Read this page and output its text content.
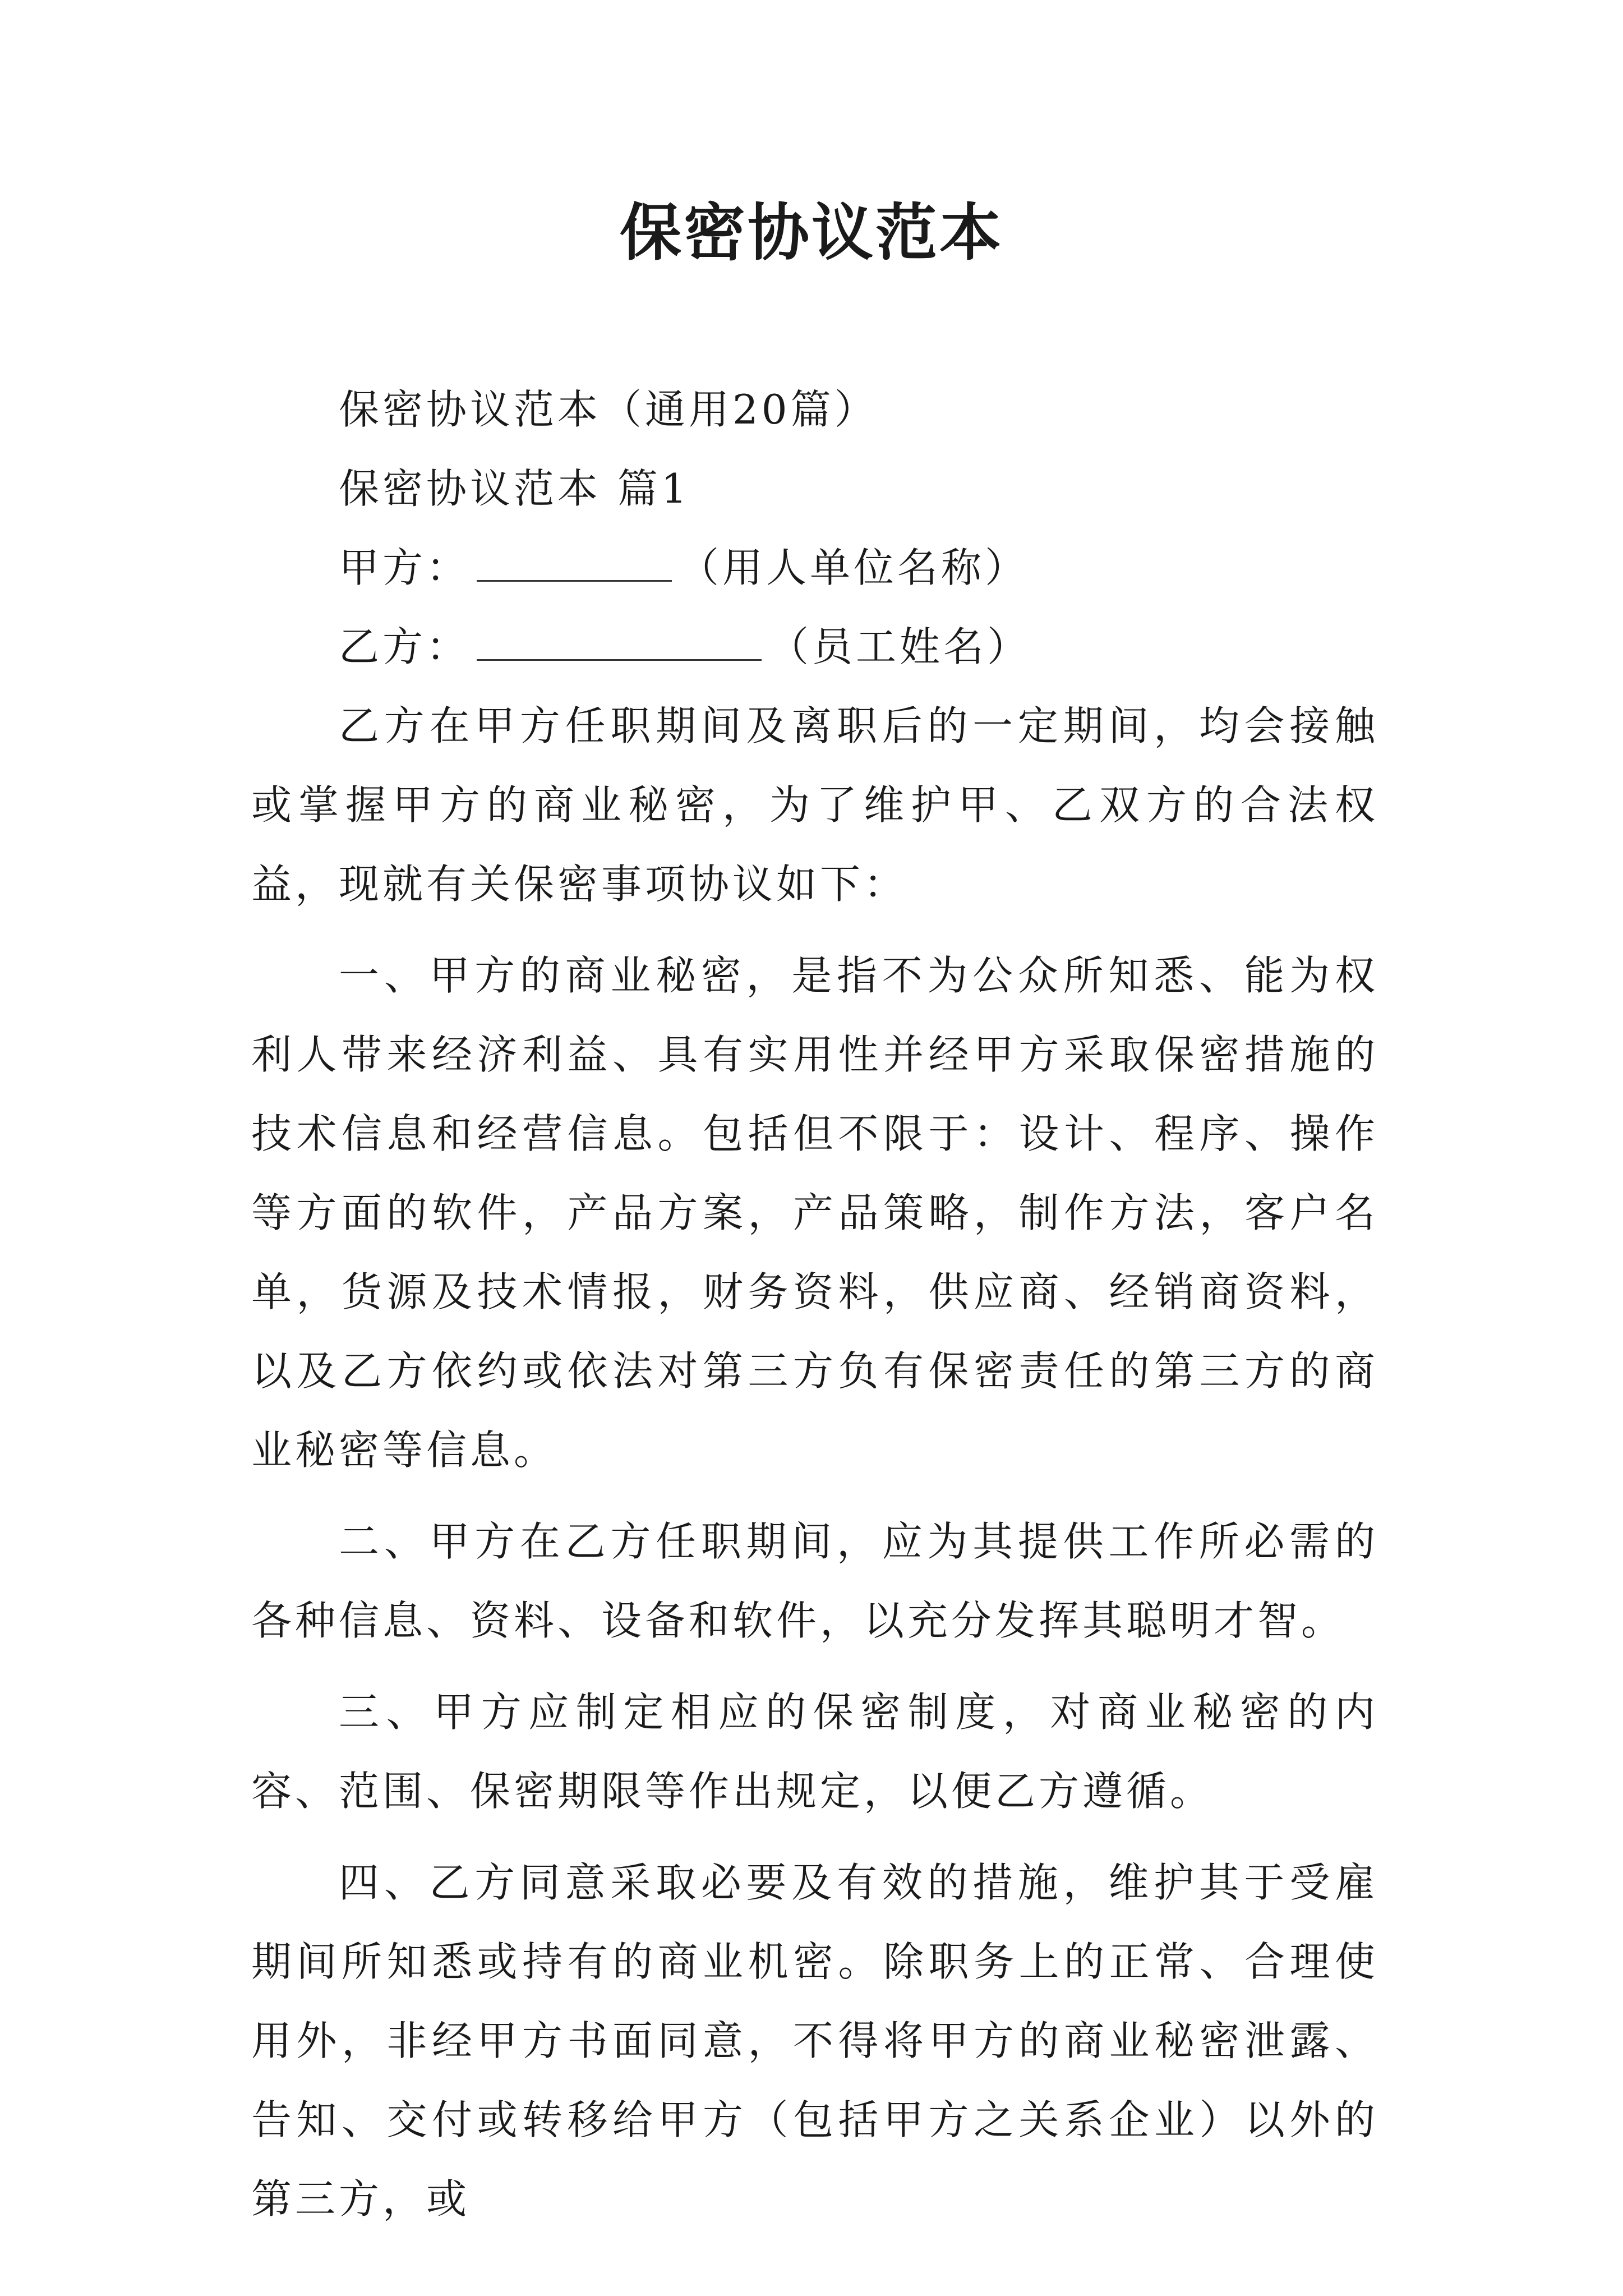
保密协议范本

保密协议范本（通用20篇）

保密协议范本 篇1

甲方：	（用人单位名称）

乙方：	（员工姓名）

乙方在甲方任职期间及离职后的一定期间，均会接触或掌握甲方的商业秘密，为了维护甲、乙双方的合法权益，现就有关保密事项协议如下：

一、甲方的商业秘密，是指不为公众所知悉、能为权利人带来经济利益、具有实用性并经甲方采取保密措施的技术信息和经营信息。包括但不限于：设计、程序、操作等方面的软件，产品方案，产品策略，制作方法，客户名单，货源及技术情报，财务资料，供应商、经销商资料，以及乙方依约或依法对第三方负有保密责任的第三方的商业秘密等信息。

二、甲方在乙方任职期间，应为其提供工作所必需的各种信息、资料、设备和软件，以充分发挥其聪明才智。

三、甲方应制定相应的保密制度，对商业秘密的内容、范围、保密期限等作出规定，以便乙方遵循。

四、乙方同意采取必要及有效的措施，维护其于受雇期间所知悉或持有的商业机密。除职务上的正常、合理使用外，非经甲方书面同意，不得将甲方的商业秘密泄露、告知、交付或转移给甲方（包括甲方之关系企业）以外的第三方，或
